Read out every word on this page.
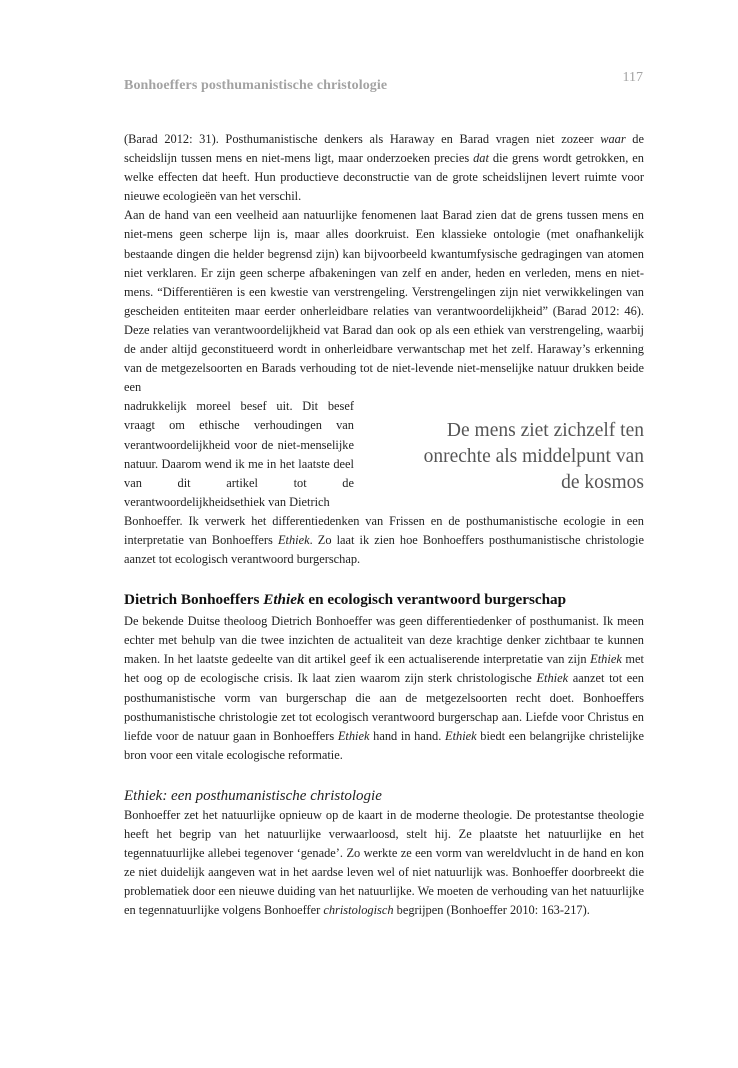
Bonhoeffers posthumanistische christologie
117

(Barad 2012: 31). Posthumanistische denkers als Haraway en Barad vragen niet zozeer waar de scheidslijn tussen mens en niet-mens ligt, maar onderzoeken precies dat die grens wordt getrokken, en welke effecten dat heeft. Hun productieve deconstructie van de grote scheidslijnen levert ruimte voor nieuwe ecologieën van het verschil.

Aan de hand van een veelheid aan natuurlijke fenomenen laat Barad zien dat de grens tussen mens en niet-mens geen scherpe lijn is, maar alles doorkruist. Een klassieke ontologie (met onafhankelijk bestaande dingen die helder begrensd zijn) kan bijvoorbeeld kwantumfysische gedragingen van atomen niet verklaren. Er zijn geen scherpe afbakeningen van zelf en ander, heden en verleden, mens en niet-mens. “Differentiëren is een kwestie van verstrengeling. Verstrengelingen zijn niet verwikkelingen van gescheiden entiteiten maar eerder onherleidbare relaties van verantwoordelijkheid” (Barad 2012: 46). Deze relaties van verantwoordelijkheid vat Barad dan ook op als een ethiek van verstrengeling, waarbij de ander altijd geconstitueerd wordt in onherleidbare verwantschap met het zelf. Haraway’s erkenning van de metgezelsoorten en Barads verhouding tot de niet-levende niet-menselijke natuur drukken beide een

nadrukkelijk moreel besef uit. Dit besef vraagt om ethische verhoudingen van verantwoordelijkheid voor de niet-menselijke natuur. Daarom wend ik me in het laatste deel van dit artikel tot de verantwoordelijkheidsethiek van Dietrich

De mens ziet zichzelf ten onrechte als middelpunt van de kosmos

Bonhoeffer. Ik verwerk het differentiedenken van Frissen en de posthumanistische ecologie in een interpretatie van Bonhoeffers Ethiek. Zo laat ik zien hoe Bonhoeffers posthumanistische christologie aanzet tot ecologisch verantwoord burgerschap.

Dietrich Bonhoeffers Ethiek en ecologisch verantwoord burgerschap

De bekende Duitse theoloog Dietrich Bonhoeffer was geen differentiedenker of posthumanist. Ik meen echter met behulp van die twee inzichten de actualiteit van deze krachtige denker zichtbaar te kunnen maken. In het laatste gedeelte van dit artikel geef ik een actualiserende interpretatie van zijn Ethiek met het oog op de ecologische crisis. Ik laat zien waarom zijn sterk christologische Ethiek aanzet tot een posthumanistische vorm van burgerschap die aan de metgezelsoorten recht doet. Bonhoeffers posthumanistische christologie zet tot ecologisch verantwoord burgerschap aan. Liefde voor Christus en liefde voor de natuur gaan in Bonhoeffers Ethiek hand in hand. Ethiek biedt een belangrijke christelijke bron voor een vitale ecologische reformatie.

Ethiek: een posthumanistische christologie

Bonhoeffer zet het natuurlijke opnieuw op de kaart in de moderne theologie. De protestantse theologie heeft het begrip van het natuurlijke verwaarloosd, stelt hij. Ze plaatste het natuurlijke en het tegennatuurlijke allebei tegenover ‘genade’. Zo werkte ze een vorm van wereldvlucht in de hand en kon ze niet duidelijk aangeven wat in het aardse leven wel of niet natuurlijk was. Bonhoeffer doorbreekt die problematiek door een nieuwe duiding van het natuurlijke. We moeten de verhouding van het natuurlijke en tegennatuurlijke volgens Bonhoeffer christologisch begrijpen (Bonhoeffer 2010: 163-217).
